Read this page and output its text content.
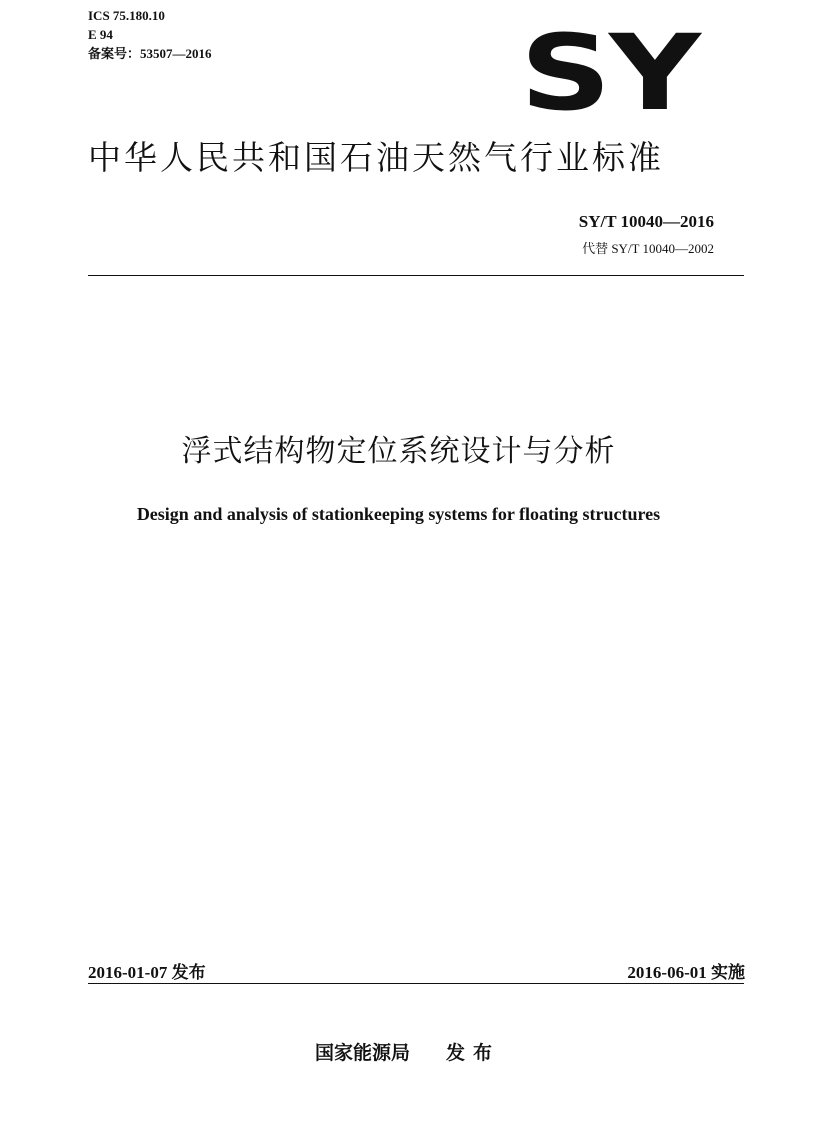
ICS 75.180.10
E 94
备案号：53507—2016	SY
中华人民共和国石油天然气行业标准
SY/T 10040—2016
代替 SY/T 10040—2002
浮式结构物定位系统设计与分析
Design and analysis of stationkeeping systems for floating structures
2016-01-07 发布	2016-06-01 实施
国家能源局 发布
